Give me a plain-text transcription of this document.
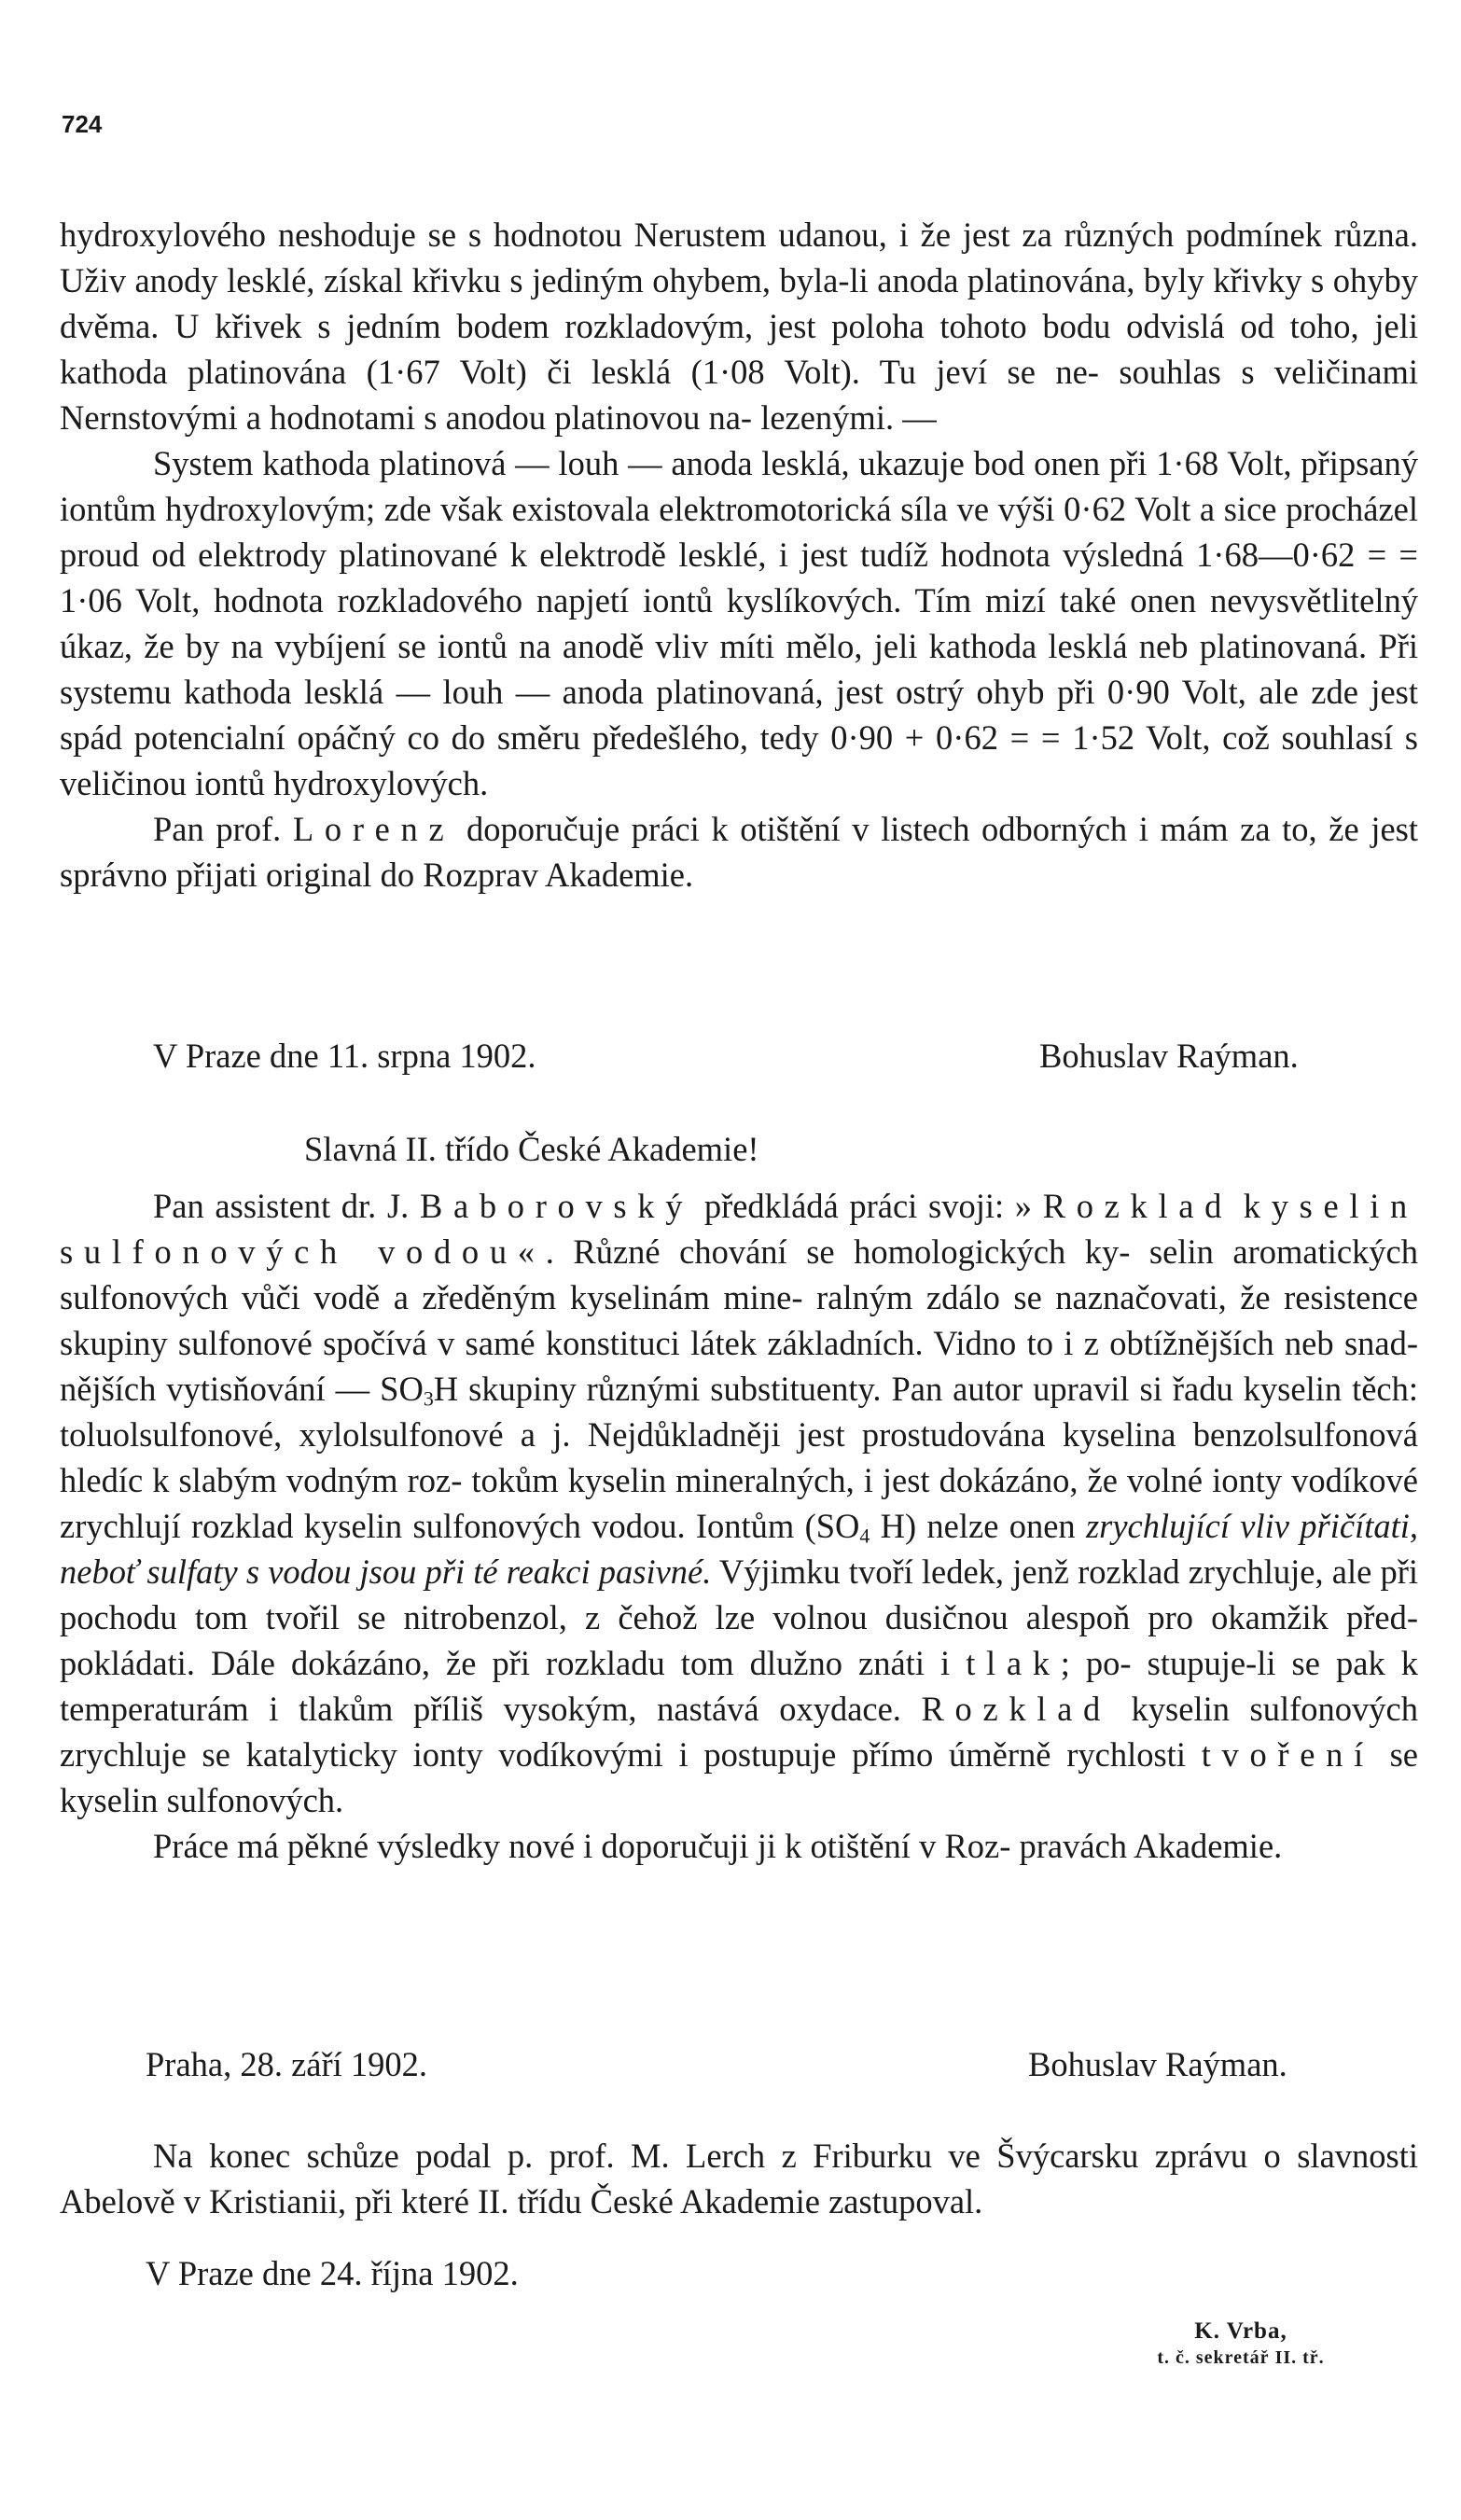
724

hydroxylového neshoduje se s hodnotou Nerustem udanou, i že jest za různých podmínek různa. Uživ anody lesklé, získal křivku s jediným ohybem, byla-li anoda platinována, byly křivky s ohyby dvěma. U křivek s jedním bodem rozkladovým, jest poloha tohoto bodu odvislá od toho, jeli kathoda platinována (1·67 Volt) či lesklá (1·08 Volt). Tu jeví se ne- souhlas s veličinami Nernstovými a hodnotami s anodou platinovou na- lezenými. —

System kathoda platinová — louh — anoda lesklá, ukazuje bod onen při 1·68 Volt, připsaný iontům hydroxylovým; zde však existovala elektromotorická síla ve výši 0·62 Volt a sice procházel proud od elektrody platinované k elektrodě lesklé, i jest tudíž hodnota výsledná 1·68—0·62 = = 1·06 Volt, hodnota rozkladového napjetí iontů kyslíkových. Tím mizí také onen nevysvětlitelný úkaz, že by na vybíjení se iontů na anodě vliv míti mělo, jeli kathoda lesklá neb platinovaná. Při systemu kathoda lesklá — louh — anoda platinovaná, jest ostrý ohyb při 0·90 Volt, ale zde jest spád potencialní opáčný co do směru předešlého, tedy 0·90 + 0·62 = = 1·52 Volt, což souhlasí s veličinou iontů hydroxylových.

Pan prof. Lorenz doporučuje práci k otištění v listech odborných i mám za to, že jest správno přijati original do Rozprav Akademie.

V Praze dne 11. srpna 1902.	Bohuslav Raýman.
Slavná II. třído České Akademie!

Pan assistent dr. J. Baborovský předkládá práci svoji: »Rozklad kyselin sulfonových vodou«. Různé chování se homologických ky- selin aromatických sulfonových vůči vodě a zředěným kyselinám mine- ralným zdálo se naznačovati, že resistence skupiny sulfonové spočívá v samé konstituci látek základních. Vidno to i z obtížnějších neb snad- nějších vytisňování — $SO_3H$ skupiny různými substituenty. Pan autor upravil si řadu kyselin těch: toluolsulfonové, xylolsulfonové a j. Nejdůkladněji jest prostudována kyselina benzolsulfonová hledíc k slabým vodným roz- tokům kyselin mineralných, i jest dokázáno, že volné ionty vodíkové zrychlují rozklad kyselin sulfonových vodou. Iontům ($SO_4$ H) nelze onen zrychlující vliv přičítati, neboť sulfaty s vodou jsou při té reakci pasivné. Výjimku tvoří ledek, jenž rozklad zrychluje, ale při pochodu tom tvořil se nitrobenzol, z čehož lze volnou dusičnou alespoň pro okamžik před- pokládati. Dále dokázáno, že při rozkladu tom dlužno znáti i tlak; po- stupuje-li se pak k temperaturám i tlakům příliš vysokým, nastává oxydace. Rozklad kyselin sulfonových zrychluje se katalyticky ionty vodíkovými i postupuje přímo úměrně rychlosti tvoření se kyselin sulfonových.

Práce má pěkné výsledky nové i doporučuji ji k otištění v Roz- pravách Akademie.

Praha, 28. září 1902.	Bohuslav Raýman.

Na konec schůze podal p. prof. M. Lerch z Friburku ve Švýcarsku zprávu o slavnosti Abelově v Kristianii, při které II. třídu České Akademie zastupoval.

V Praze dne 24. října 1902.
K. Vrba,
t. č. sekretář II. tř.
